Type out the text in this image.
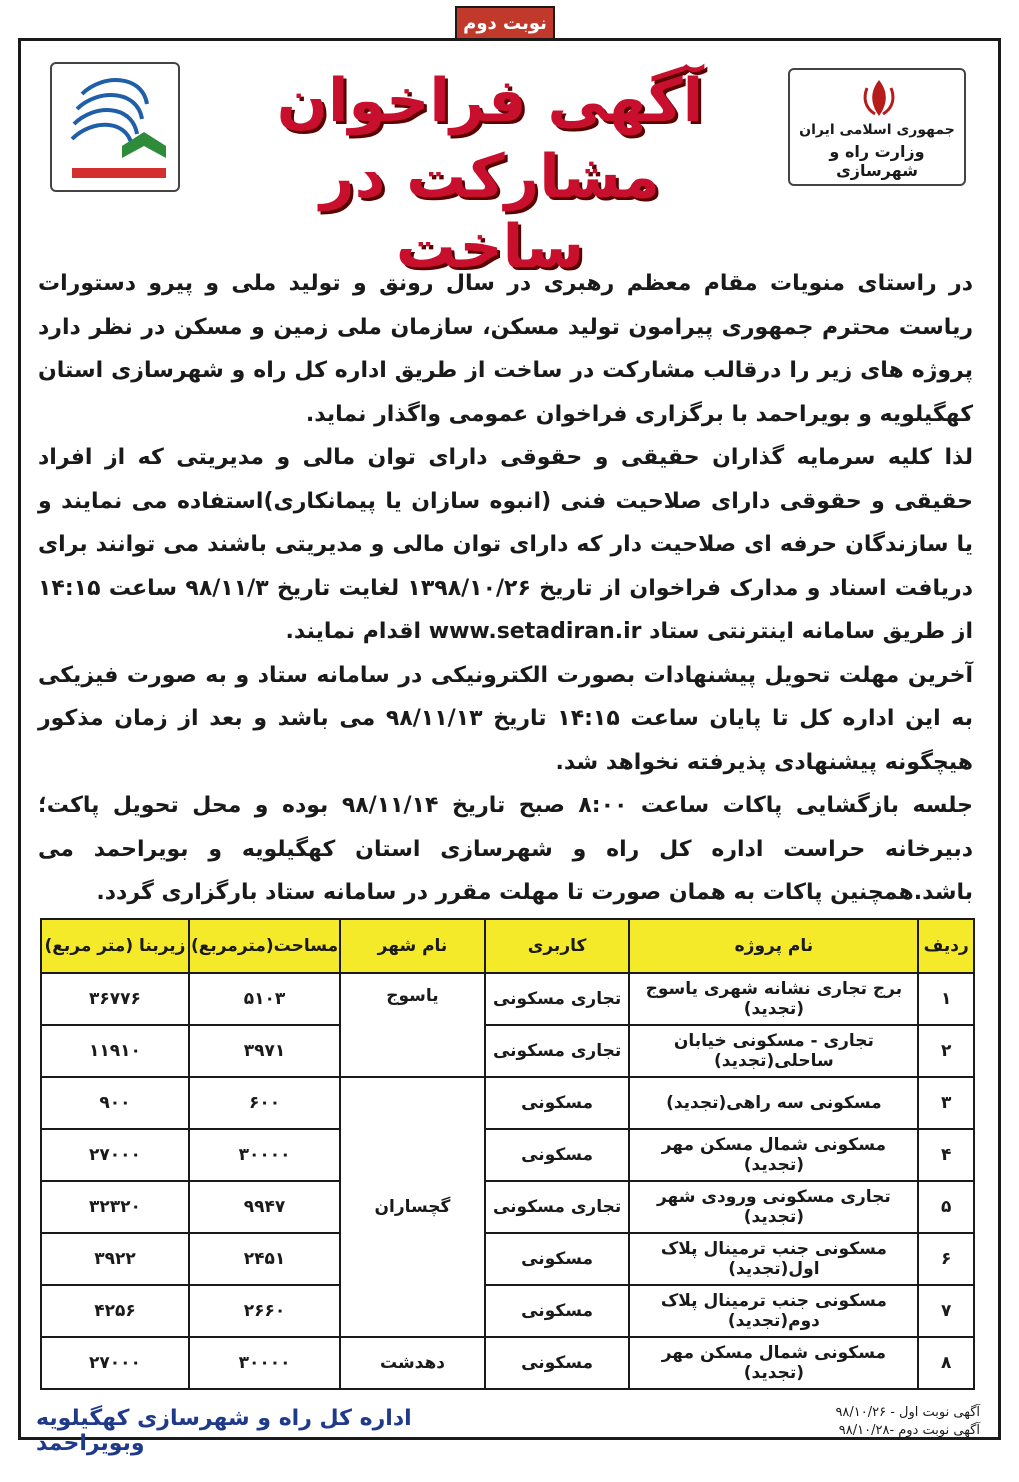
نوبت دوم
جمهوری اسلامی ایران
وزارت راه و شهرسازی
آگهی فراخوان
مشارکت در ساخت

در راستای منویات مقام معظم رهبری در سال رونق و تولید ملی و پیرو دستورات ریاست محترم جمهوری پیرامون تولید مسکن، سازمان ملی زمین و مسکن در نظر دارد پروژه های زیر را درقالب مشارکت در ساخت از طریق اداره کل راه و شهرسازی استان کهگیلویه و بویراحمد با برگزاری فراخوان عمومی واگذار نماید.

لذا کلیه سرمایه گذاران حقیقی و حقوقی دارای توان مالی و مدیریتی که از افراد حقیقی و حقوقی دارای صلاحیت فنی (انبوه سازان یا پیمانکاری)استفاده می نمایند و یا سازندگان حرفه ای صلاحیت دار که دارای توان مالی و مدیریتی باشند می توانند برای دریافت اسناد و مدارک فراخوان از تاریخ ۱۳۹۸/۱۰/۲۶ لغایت تاریخ ۹۸/۱۱/۳ ساعت ۱۴:۱۵ از طریق سامانه اینترنتی ستاد www.setadiran.ir اقدام نمایند.

آخرین مهلت تحویل پیشنهادات بصورت الکترونیکی در سامانه ستاد و به صورت فیزیکی به این اداره کل تا پایان ساعت ۱۴:۱۵ تاریخ ۹۸/۱۱/۱۳ می باشد و بعد از زمان مذکور هیچگونه پیشنهادی پذیرفته نخواهد شد.

جلسه بازگشایی پاکات ساعت ۸:۰۰ صبح تاریخ ۹۸/۱۱/۱۴ بوده و محل تحویل پاکت؛ دبیرخانه حراست اداره کل راه و شهرسازی استان کهگیلویه و بویراحمد می باشد.همچنین پاکات به همان صورت تا مهلت مقرر در سامانه ستاد بارگزاری گردد.

ردیف	نام پروژه	کاربری	نام شهر	مساحت(مترمربع)	زیربنا (متر مربع)
۱	برج تجاری نشانه شهری یاسوج (تجدید)	تجاری مسکونی	یاسوج	۵۱۰۳	۳۶۷۷۶
۲	تجاری - مسکونی خیابان ساحلی(تجدید)	تجاری مسکونی		۳۹۷۱	۱۱۹۱۰
۳	مسکونی سه راهی(تجدید)	مسکونی	گچساران	۶۰۰	۹۰۰
۴	مسکونی شمال مسکن مهر (تجدید)	مسکونی		۳۰۰۰۰	۲۷۰۰۰
۵	تجاری مسکونی ورودی شهر (تجدید)	تجاری مسکونی		۹۹۴۷	۳۲۳۲۰
۶	مسکونی جنب ترمینال پلاک اول(تجدید)	مسکونی		۲۴۵۱	۳۹۲۲
۷	مسکونی جنب ترمینال پلاک دوم(تجدید)	مسکونی		۲۶۶۰	۴۲۵۶
۸	مسکونی شمال مسکن مهر (تجدید)	مسکونی	دهدشت	۳۰۰۰۰	۲۷۰۰۰
اداره کل راه و شهرسازی کهگیلویه وبویراحمد
آگهی نوبت اول - ۹۸/۱۰/۲۶
آگهی نوبت دوم -۹۸/۱۰/۲۸
